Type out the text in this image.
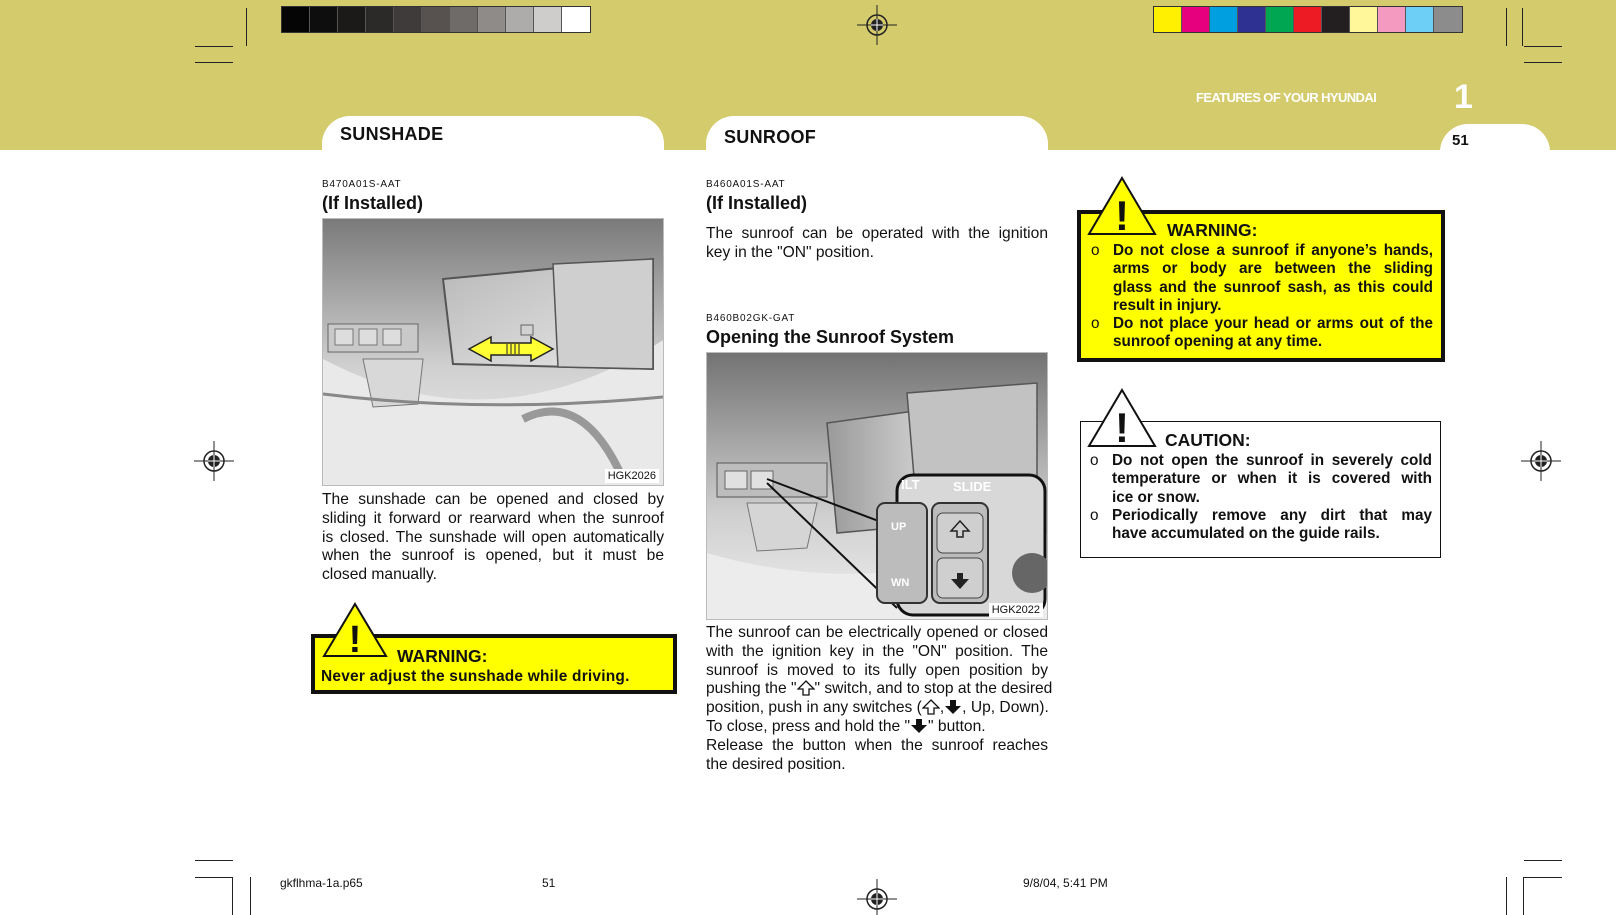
SUNSHADE	SUNROOF
FEATURES OF YOUR HYUNDAI 1
51
B470A01S-AAT
(If Installed)
HGK2026
The sunshade can be opened and closed by
sliding it forward or rearward when the sunroof
is closed. The sunshade will open automatically
when the sunroof is opened, but it must be
closed manually.
WARNING:
Never adjust the sunshade while driving.
!
B460A01S-AAT
(If Installed)
The sunroof can be operated with the ignition
key in the "ON" position.
B460B02GK-GAT
Opening the Sunroof System
ILT	SLIDE
UP
WN
HGK2022
The sunroof can be electrically opened or closed
with the ignition key in the "ON" position. The
sunroof is moved to its fully open position by
pushing the " " switch, and to stop at the desired
position, push in any switches ( , , Up, Down).
To close, press and hold the " " button.
Release the button when the sunroof reaches
the desired position.
WARNING:
o Do not close a sunroof if anyone’s hands,
arms or body are between the sliding
glass and the sunroof sash, as this could
result in injury.
o Do not place your head or arms out of the
sunroof opening at any time.
!
CAUTION:
o Do not open the sunroof in severely cold
temperature or when it is covered with
ice or snow.
o Periodically remove any dirt that may
have accumulated on the guide rails.
!
gkflhma-1a.p65	51	9/8/04, 5:41 PM
